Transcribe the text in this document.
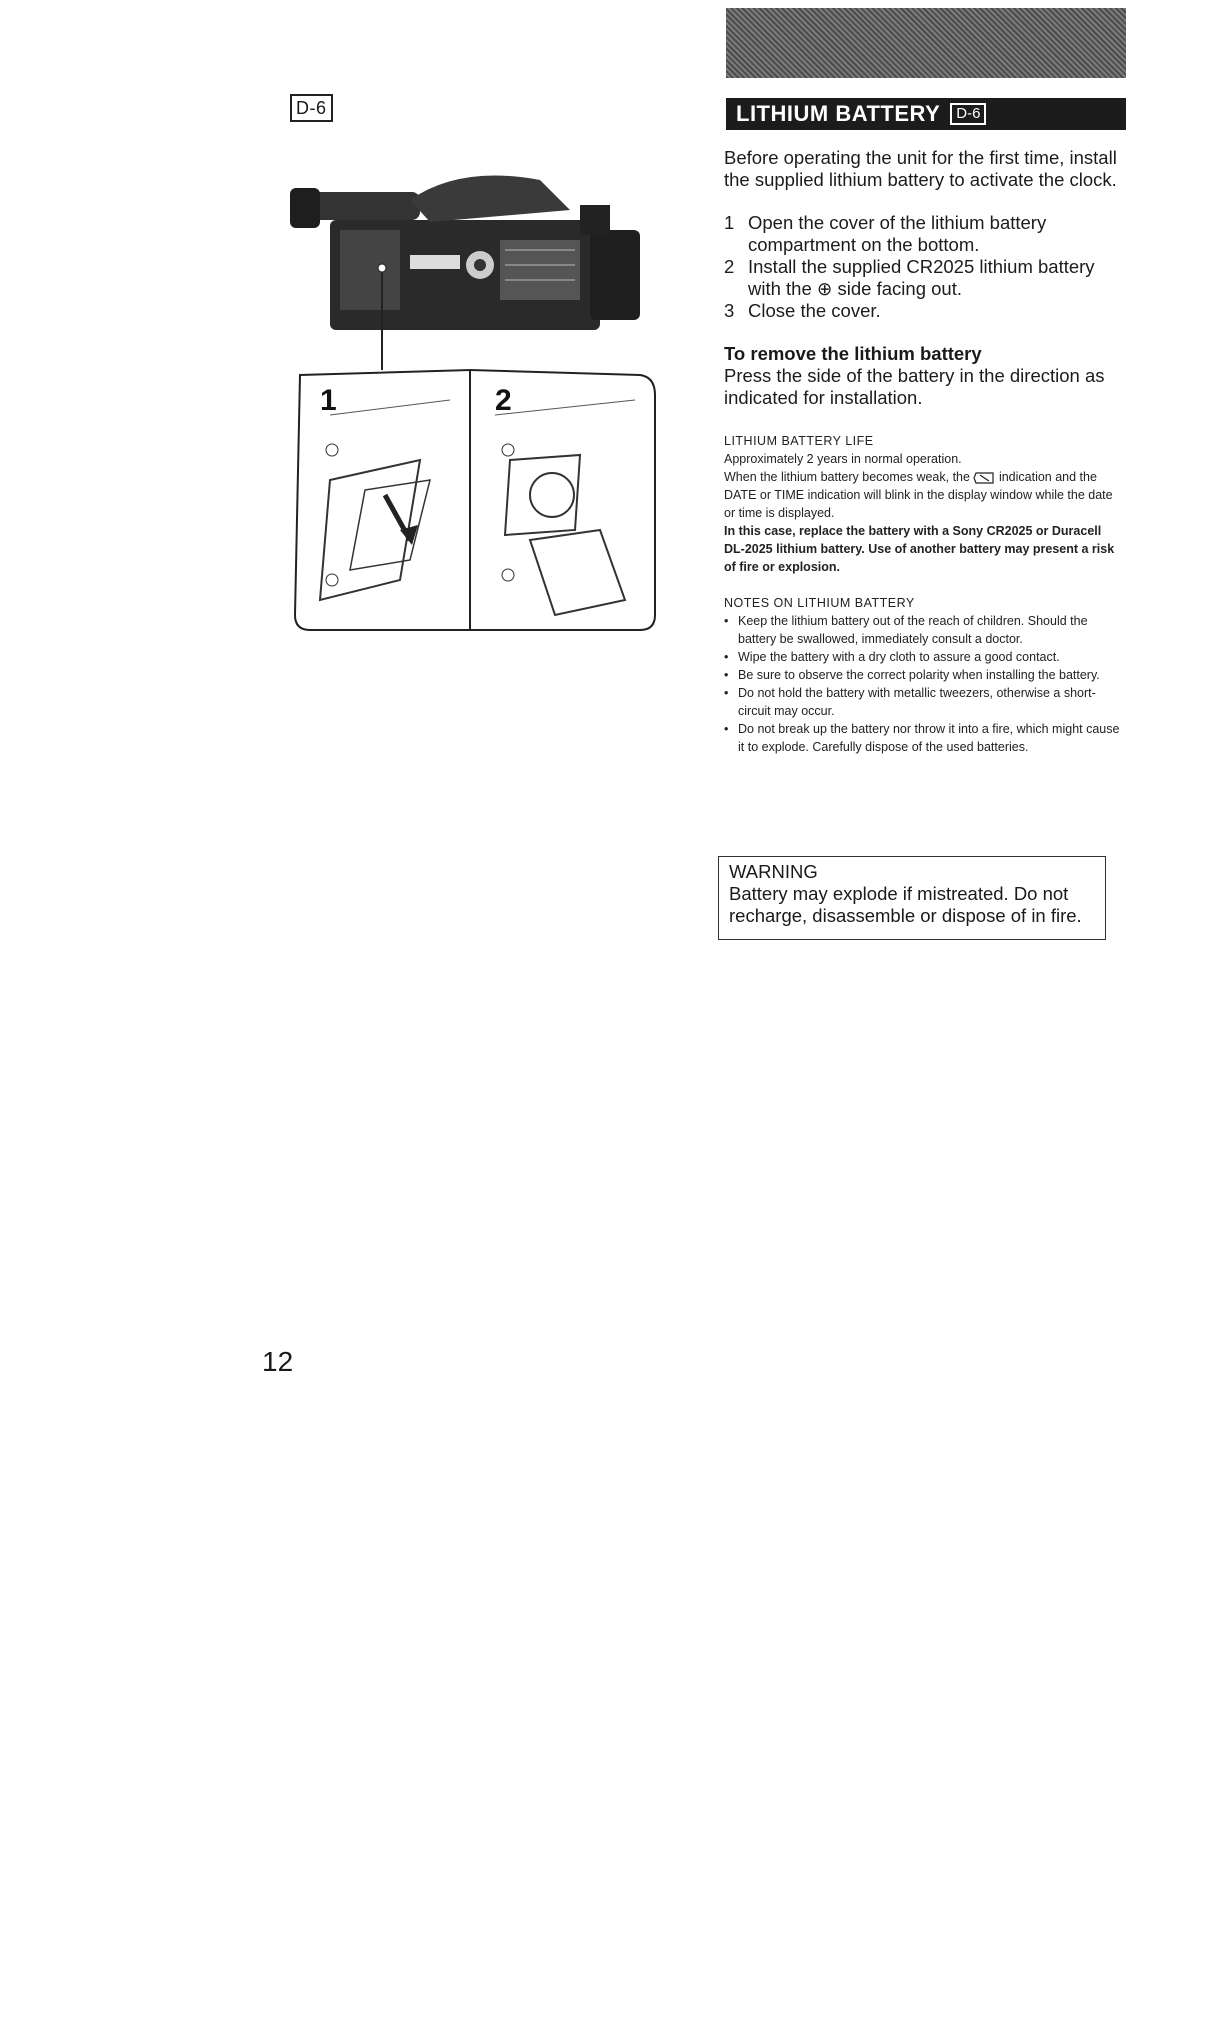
D-6
1	2
LITHIUM BATTERY	D-6
Before operating the unit for the first time, install the supplied lithium battery to activate the clock.
1 Open the cover of the lithium battery compartment on the bottom.
2 Install the supplied CR2025 lithium battery with the ⊕ side facing out.
3 Close the cover.
To remove the lithium battery
Press the side of the battery in the direction as indicated for installation.
LITHIUM BATTERY LIFE
Approximately 2 years in normal operation.
When the lithium battery becomes weak, the indication and the DATE or TIME indication will blink in the display window while the date or time is displayed.
In this case, replace the battery with a Sony CR2025 or Duracell DL-2025 lithium battery. Use of another battery may present a risk of fire or explosion.
NOTES ON LITHIUM BATTERY
• Keep the lithium battery out of the reach of children. Should the battery be swallowed, immediately consult a doctor.
• Wipe the battery with a dry cloth to assure a good contact.
• Be sure to observe the correct polarity when installing the battery.
• Do not hold the battery with metallic tweezers, otherwise a short-circuit may occur.
• Do not break up the battery nor throw it into a fire, which might cause it to explode. Carefully dispose of the used batteries.
WARNING
Battery may explode if mistreated. Do not recharge, disassemble or dispose of in fire.
12
